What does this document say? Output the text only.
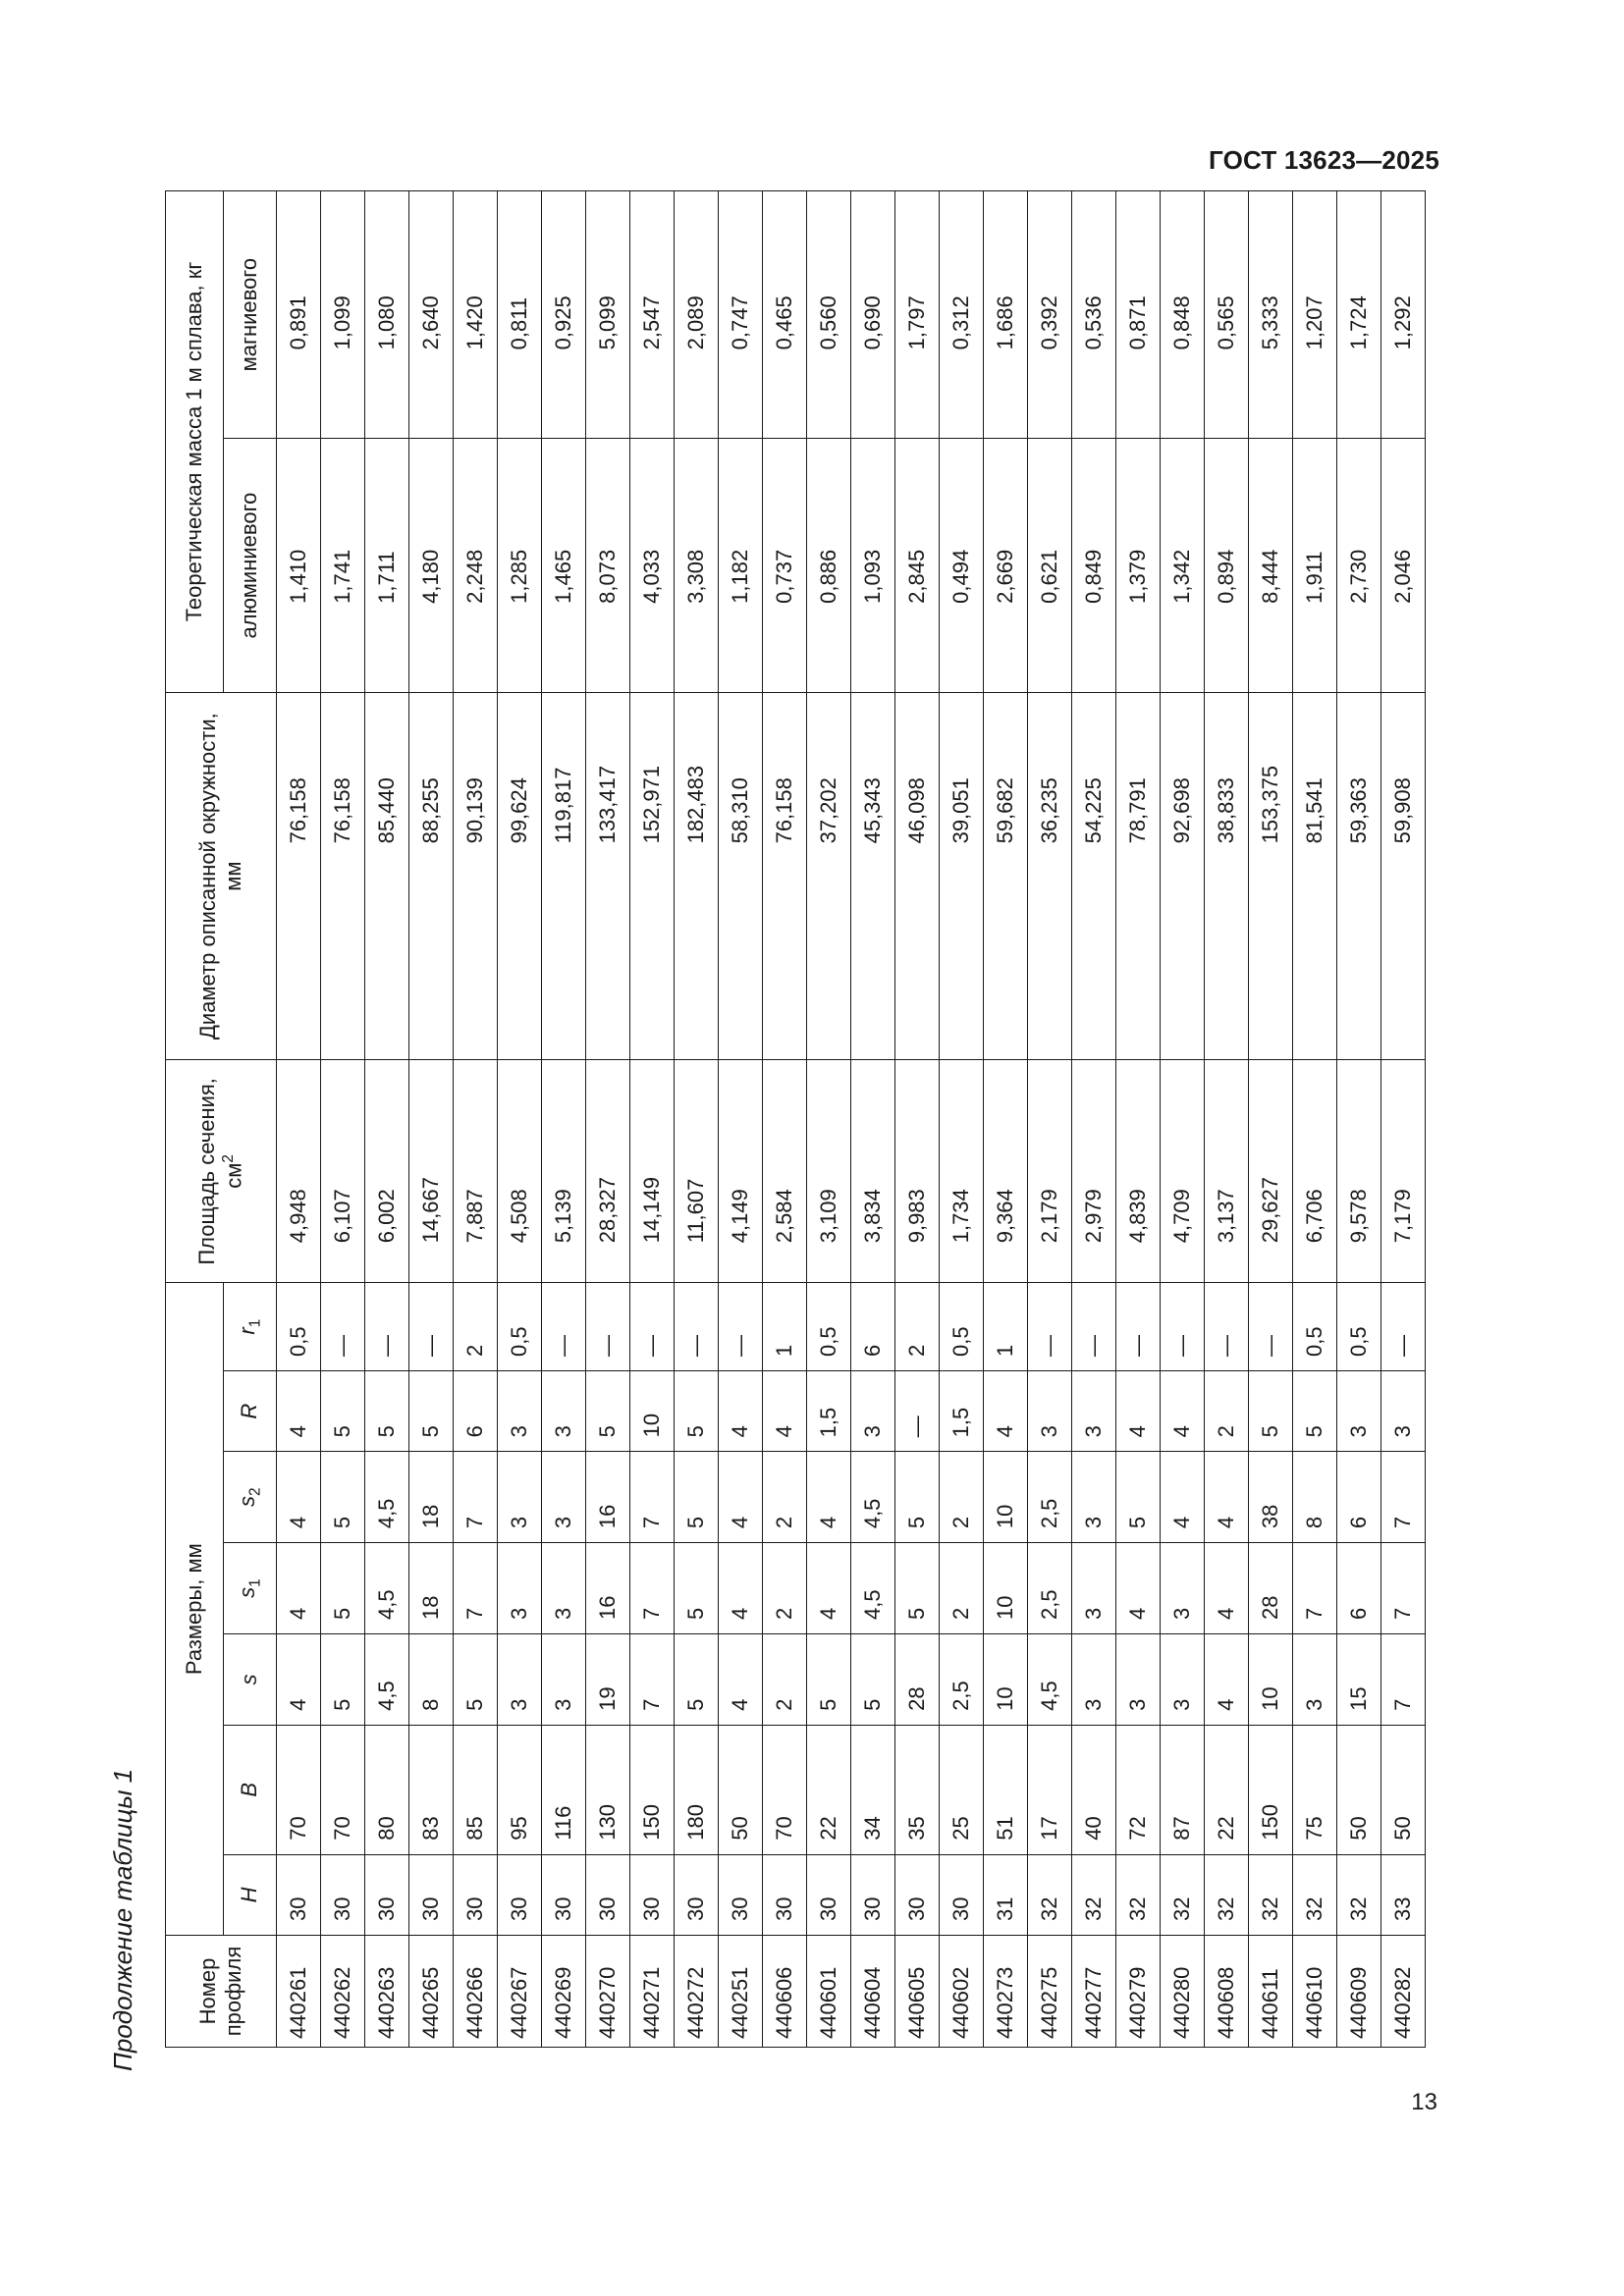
ГОСТ 13623—2025
13
Продолжение таблицы 1	Номер профиля	Размеры, мм							Площадь сечения, $см^2$	Диаметр описанной окружности, мм	Теоретическая масса 1 м сплава, кг	
	H	B	s	$s_1$	$s_2$	R	$r_1$			алюминиевого	магниевого
440261	30	70	4	4	4	4	0,5	4,948	76,158	1,410	0,891
440262	30	70	5	5	5	5	—	6,107	76,158	1,741	1,099
440263	30	80	4,5	4,5	4,5	5	—	6,002	85,440	1,711	1,080
440265	30	83	8	18	18	5	—	14,667	88,255	4,180	2,640
440266	30	85	5	7	7	6	2	7,887	90,139	2,248	1,420
440267	30	95	3	3	3	3	0,5	4,508	99,624	1,285	0,811
440269	30	116	3	3	3	3	—	5,139	119,817	1,465	0,925
440270	30	130	19	16	16	5	—	28,327	133,417	8,073	5,099
440271	30	150	7	7	7	10	—	14,149	152,971	4,033	2,547
440272	30	180	5	5	5	5	—	11,607	182,483	3,308	2,089
440251	30	50	4	4	4	4	—	4,149	58,310	1,182	0,747
440606	30	70	2	2	2	4	1	2,584	76,158	0,737	0,465
440601	30	22	5	4	4	1,5	0,5	3,109	37,202	0,886	0,560
440604	30	34	5	4,5	4,5	3	6	3,834	45,343	1,093	0,690
440605	30	35	28	5	5	—	2	9,983	46,098	2,845	1,797
440602	30	25	2,5	2	2	1,5	0,5	1,734	39,051	0,494	0,312
440273	31	51	10	10	10	4	1	9,364	59,682	2,669	1,686
440275	32	17	4,5	2,5	2,5	3	—	2,179	36,235	0,621	0,392
440277	32	40	3	3	3	3	—	2,979	54,225	0,849	0,536
440279	32	72	3	4	5	4	—	4,839	78,791	1,379	0,871
440280	32	87	3	3	4	4	—	4,709	92,698	1,342	0,848
440608	32	22	4	4	4	2	—	3,137	38,833	0,894	0,565
440611	32	150	10	28	38	5	—	29,627	153,375	8,444	5,333
440610	32	75	3	7	8	5	0,5	6,706	81,541	1,911	1,207
440609	32	50	15	6	6	3	0,5	9,578	59,363	2,730	1,724
440282	33	50	7	7	7	3	—	7,179	59,908	2,046	1,292
